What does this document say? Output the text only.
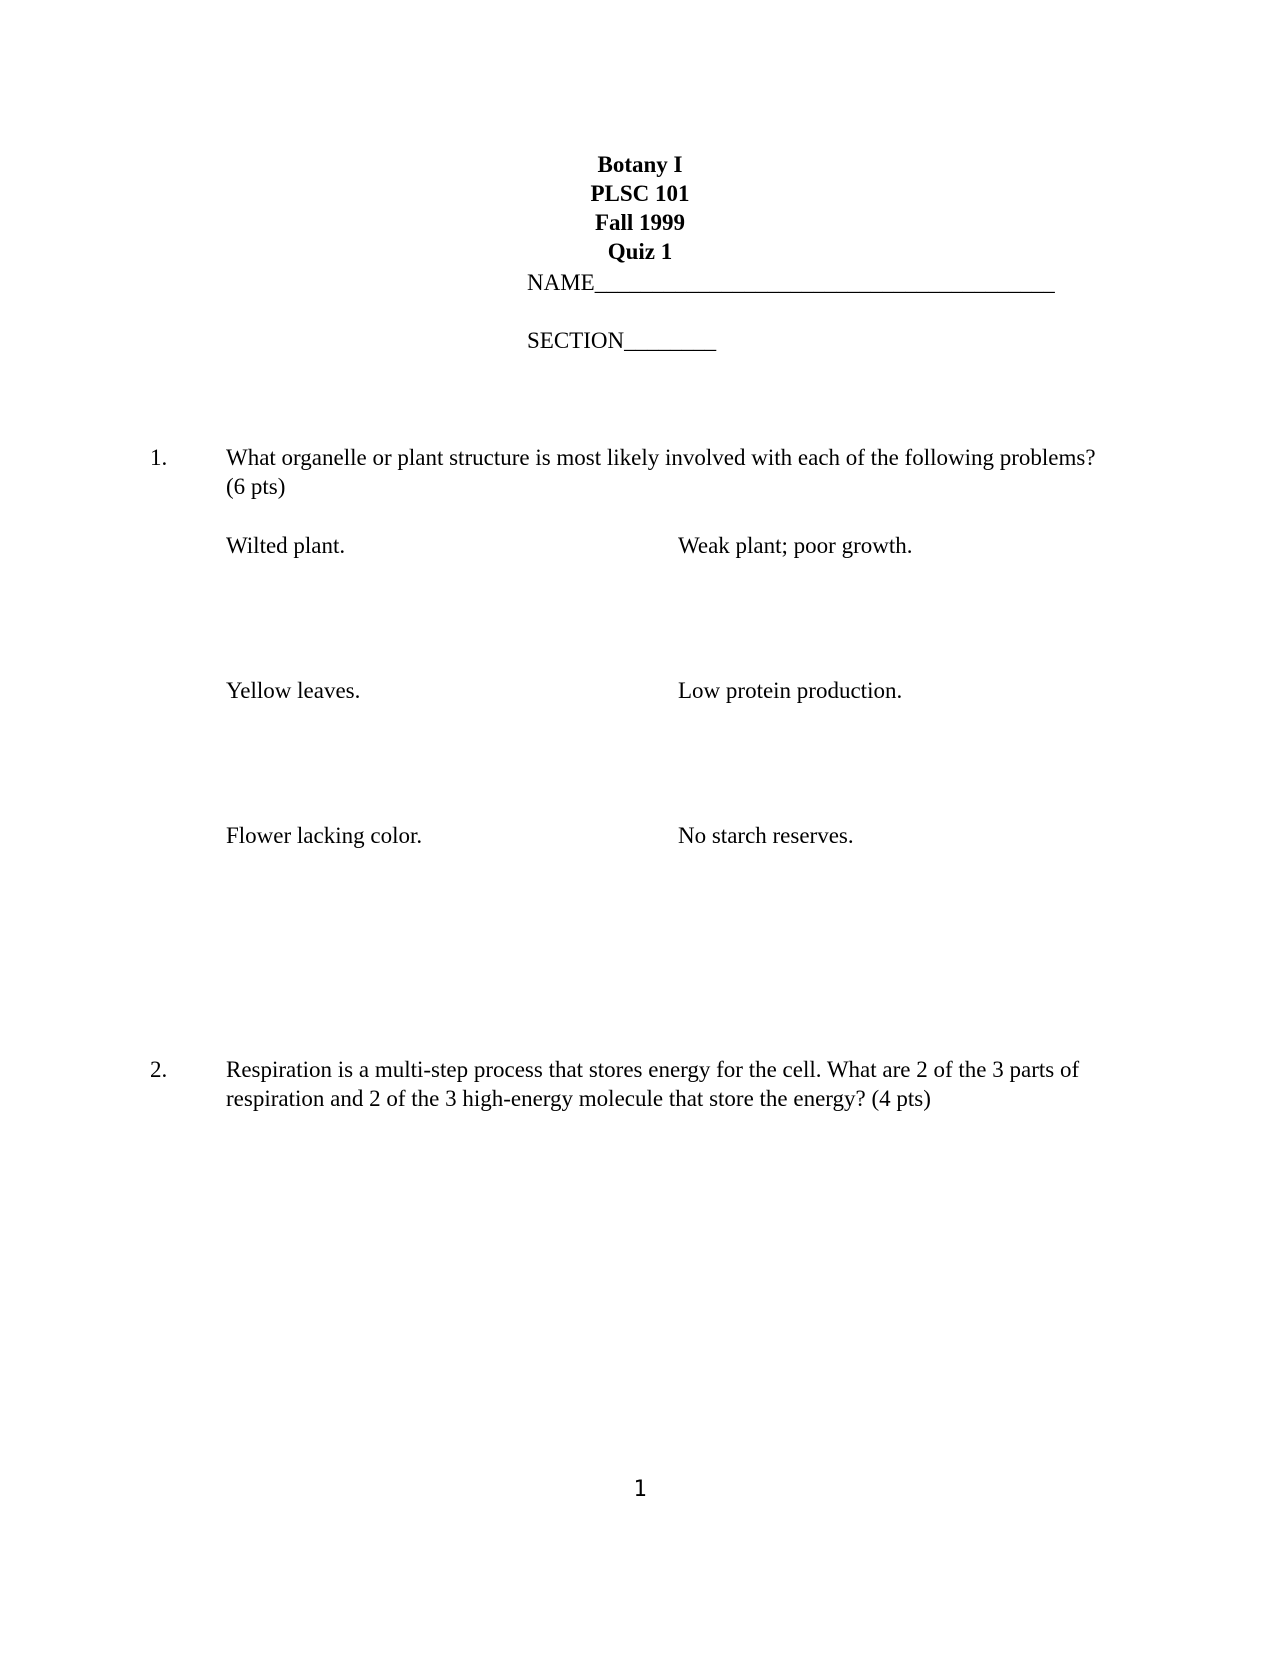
Botany I
PLSC 101
Fall 1999
Quiz 1
NAME________________________________________
SECTION________
1.	What organelle or plant structure is most likely involved with each of the following problems? (6 pts)
Wilted plant.	Weak plant; poor growth.
Yellow leaves.	Low protein production.
Flower lacking color.	No starch reserves.
2.	Respiration is a multi-step process that stores energy for the cell. What are 2 of the 3 parts of respiration and 2 of the 3 high-energy molecule that store the energy? (4 pts)
1
